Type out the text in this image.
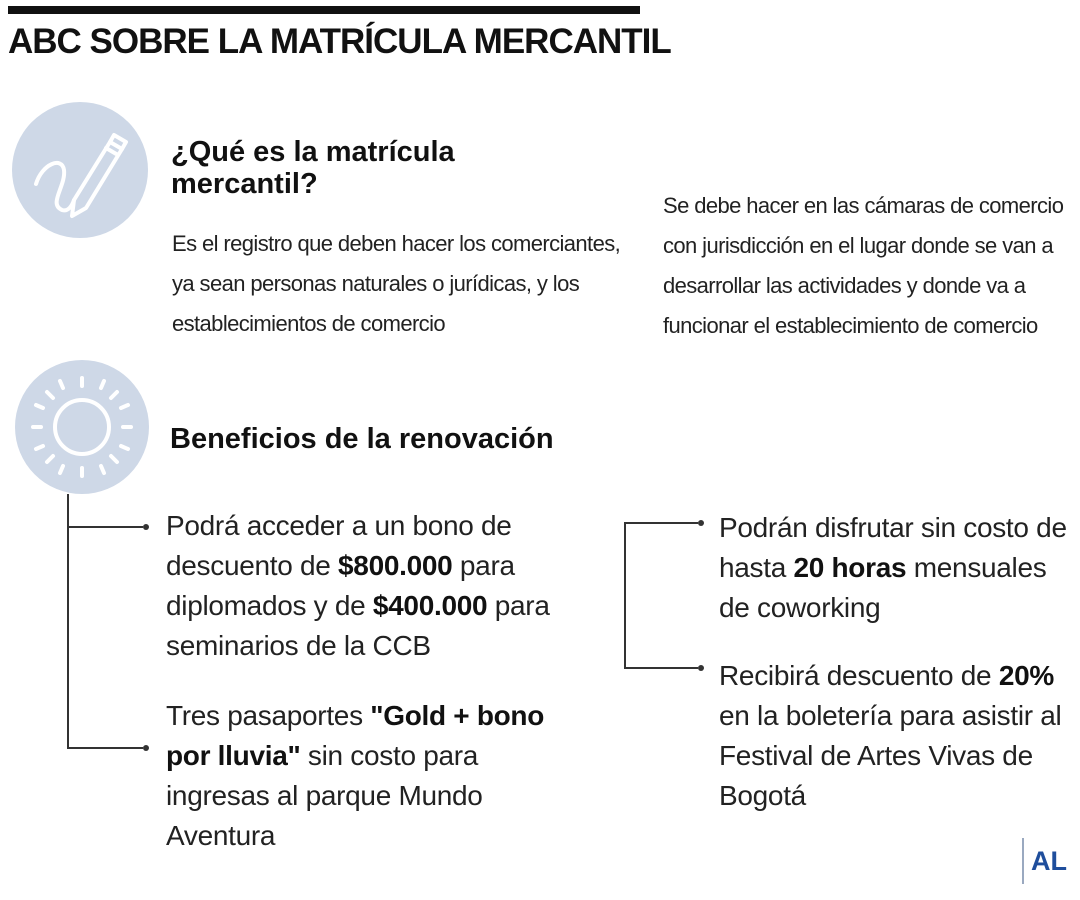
ABC SOBRE LA MATRÍCULA MERCANTIL
¿Qué es la matrícula mercantil?

Es el registro que deben hacer los comerciantes, ya sean personas naturales o jurídicas, y los establecimientos de comercio

Se debe hacer en las cámaras de comercio con jurisdicción en el lugar donde se van a desarrollar las actividades y donde va a funcionar el establecimiento de comercio

Beneficios de la renovación

Podrá acceder a un bono de descuento de $800.000 para diplomados y de $400.000 para seminarios de la CCB

Tres pasaportes "Gold + bono por lluvia" sin costo para ingresas al parque Mundo Aventura

Podrán disfrutar sin costo de hasta 20 horas mensuales de coworking

Recibirá descuento de 20% en la boletería para asistir al Festival de Artes Vivas de Bogotá

AL
